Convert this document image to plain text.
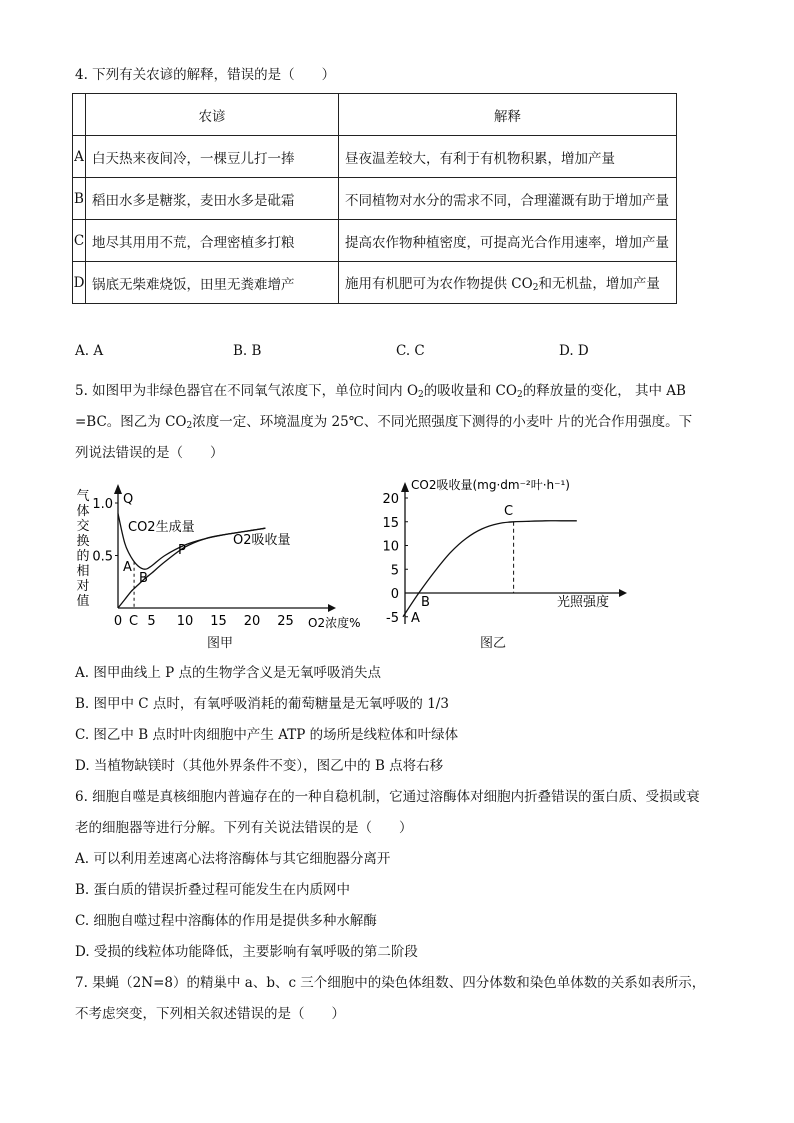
4. 下列有关农谚的解释，错误的是（　　）
	农谚	解释
A	白天热来夜间冷，一棵豆儿打一捧	昼夜温差较大，有利于有机物积累，增加产量
B	稻田水多是糖浆，麦田水多是砒霜	不同植物对水分的需求不同，合理灌溉有助于增加产量
C	地尽其用用不荒，合理密植多打粮	提高农作物种植密度，可提高光合作用速率，增加产量
D	锅底无柴难烧饭，田里无粪难增产	施用有机肥可为农作物提供 $CO_2$和无机盐，增加产量
A. A	B. B	C. C	D. D
5. 如图甲为非绿色器官在不同氧气浓度下，单位时间内 $O_2$的吸收量和 $CO_2$的释放量的变化， 其中 AB
=BC。图乙为 $CO_2$浓度一定、环境温度为 25℃、不同光照强度下测得的小麦叶 片的光合作用强度。下
列说法错误的是（　　）
气
体
交
换
的
相
对
值
0.5
1.0
0 5 10 15 20 25 O2浓度%
CO2生成量
O2吸收量
Q
A
B
C
P
图甲
-5
0
5
10
15
20
CO2吸收量(mg·dm⁻²叶·h⁻¹)
光照强度
A
B
C
图乙
A. 图甲曲线上 P 点的生物学含义是无氧呼吸消失点
B. 图甲中 C 点时，有氧呼吸消耗的葡萄糖量是无氧呼吸的 1/3
C. 图乙中 B 点时叶肉细胞中产生 ATP 的场所是线粒体和叶绿体
D. 当植物缺镁时（其他外界条件不变），图乙中的 B 点将右移
6. 细胞自噬是真核细胞内普遍存在的一种自稳机制，它通过溶酶体对细胞内折叠错误的蛋白质、受损或衰
老的细胞器等进行分解。下列有关说法错误的是（　　）
A. 可以利用差速离心法将溶酶体与其它细胞器分离开
B. 蛋白质的错误折叠过程可能发生在内质网中
C. 细胞自噬过程中溶酶体的作用是提供多种水解酶
D. 受损的线粒体功能降低，主要影响有氧呼吸的第二阶段
7. 果蝇（2N=8）的精巢中 a、b、c 三个细胞中的染色体组数、四分体数和染色单体数的关系如表所示，
不考虑突变，下列相关叙述错误的是（　　）
